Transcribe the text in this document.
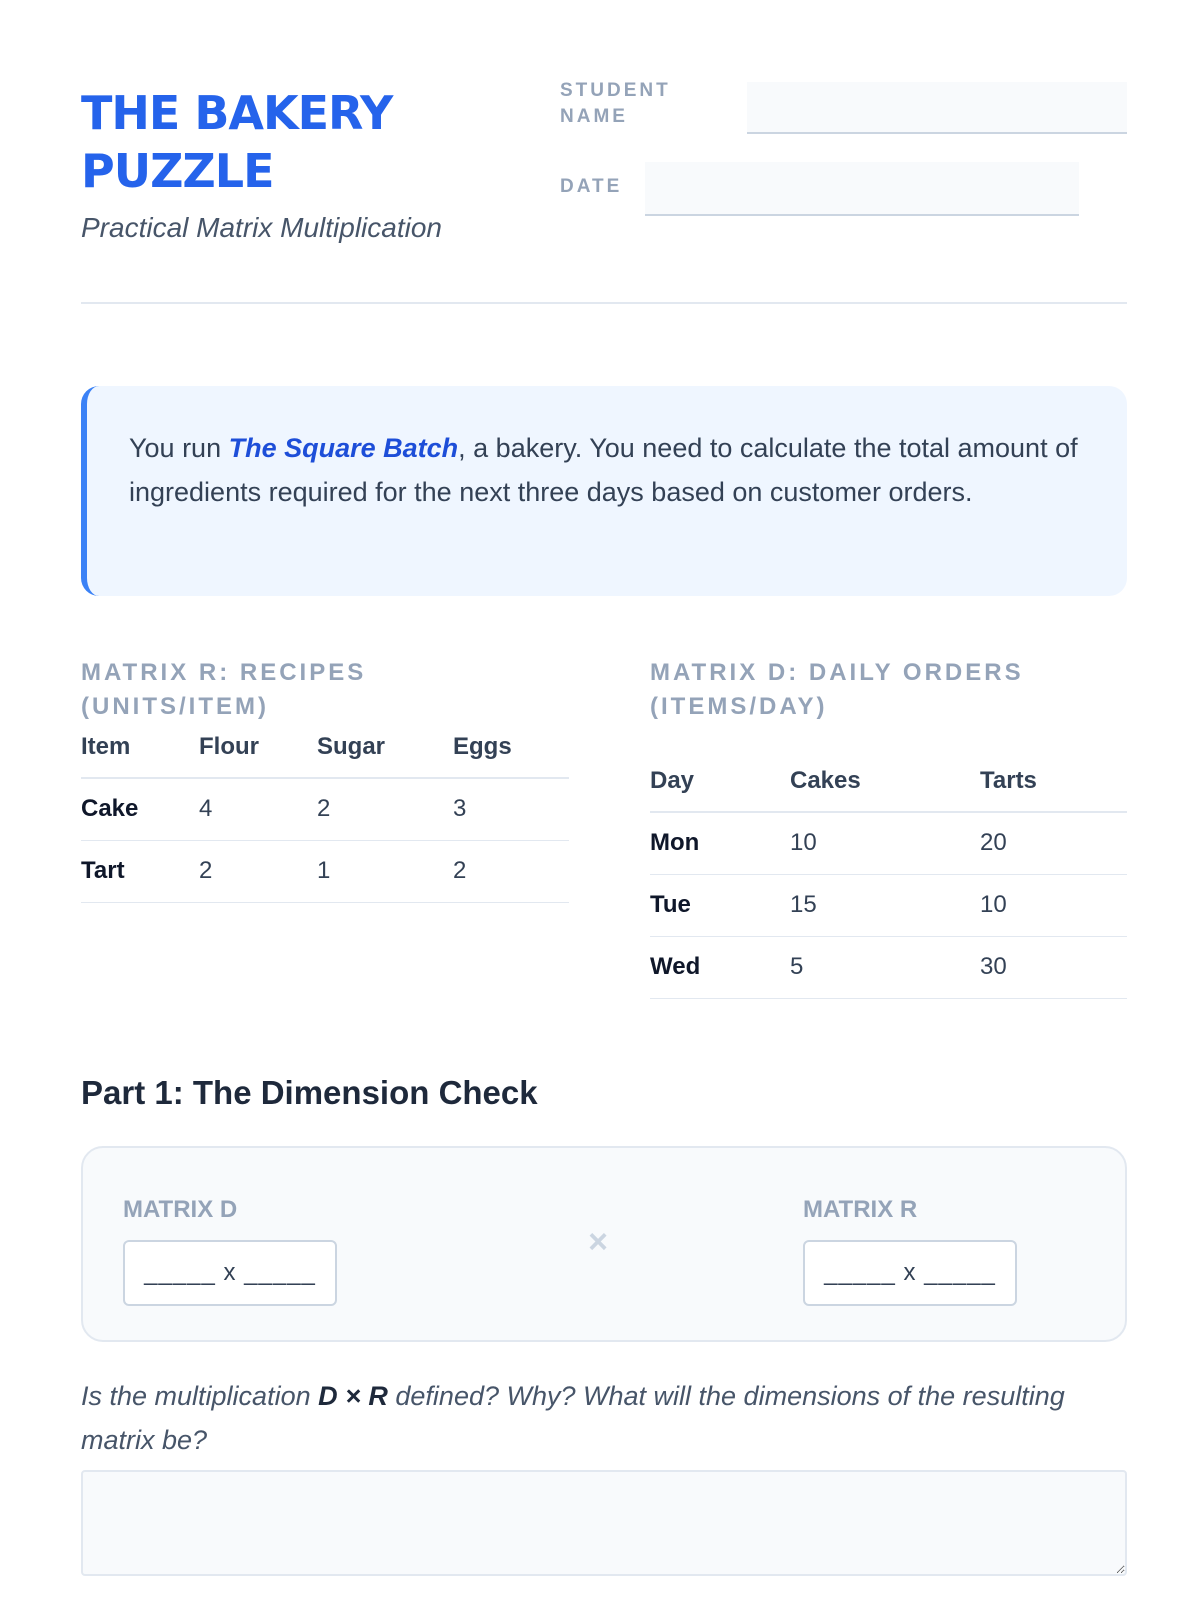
THE BAKERY PUZZLE
Practical Matrix Multiplication
STUDENT NAME
DATE
You run The Square Batch, a bakery. You need to calculate the total amount of ingredients required for the next three days based on customer orders.
MATRIX R: RECIPES (UNITS/ITEM)
Item	Flour	Sugar	Eggs
Cake	4	2	3
Tart	2	1	2
MATRIX D: DAILY ORDERS (ITEMS/DAY)
Day	Cakes	Tarts
Mon	10	20
Tue	15	10
Wed	5	30
Part 1: The Dimension Check
MATRIX D
_____ x _____
×
MATRIX R
_____ x _____

Is the multiplication D × R defined? Why? What will the dimensions of the resulting matrix be?
